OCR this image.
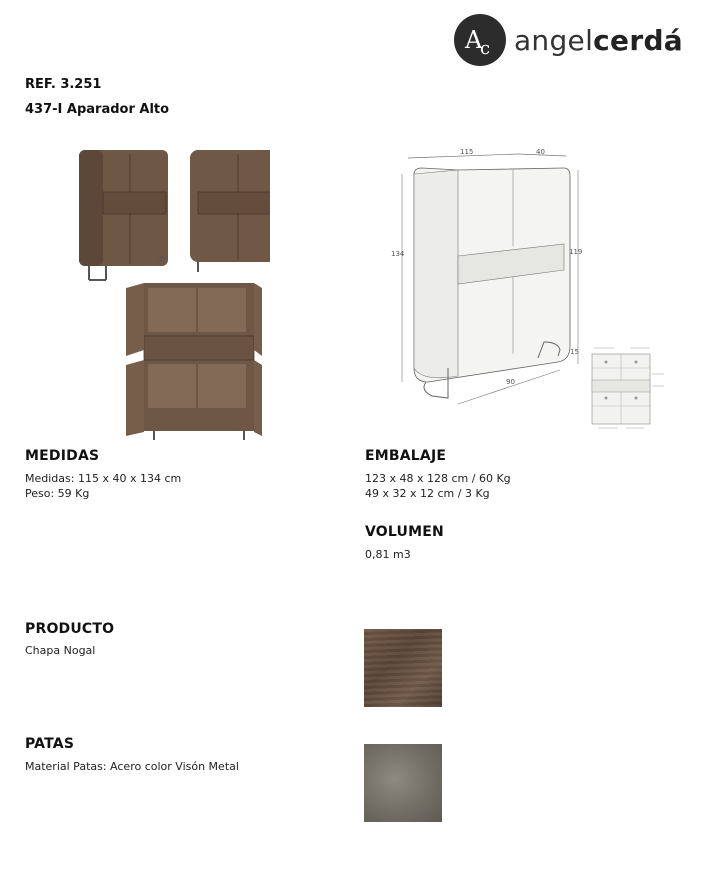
A
c angelcerdá
REF. 3.251
437-I Aparador Alto
115	40
134	119
15
90
MEDIDAS
Medidas: 115 x 40 x 134 cm
Peso: 59 Kg
EMBALAJE
123 x 48 x 128 cm / 60 Kg
49 x 32 x 12 cm / 3 Kg
VOLUMEN
0,81 m3
PRODUCTO
Chapa Nogal
PATAS
Material Patas: Acero color Visón Metal
